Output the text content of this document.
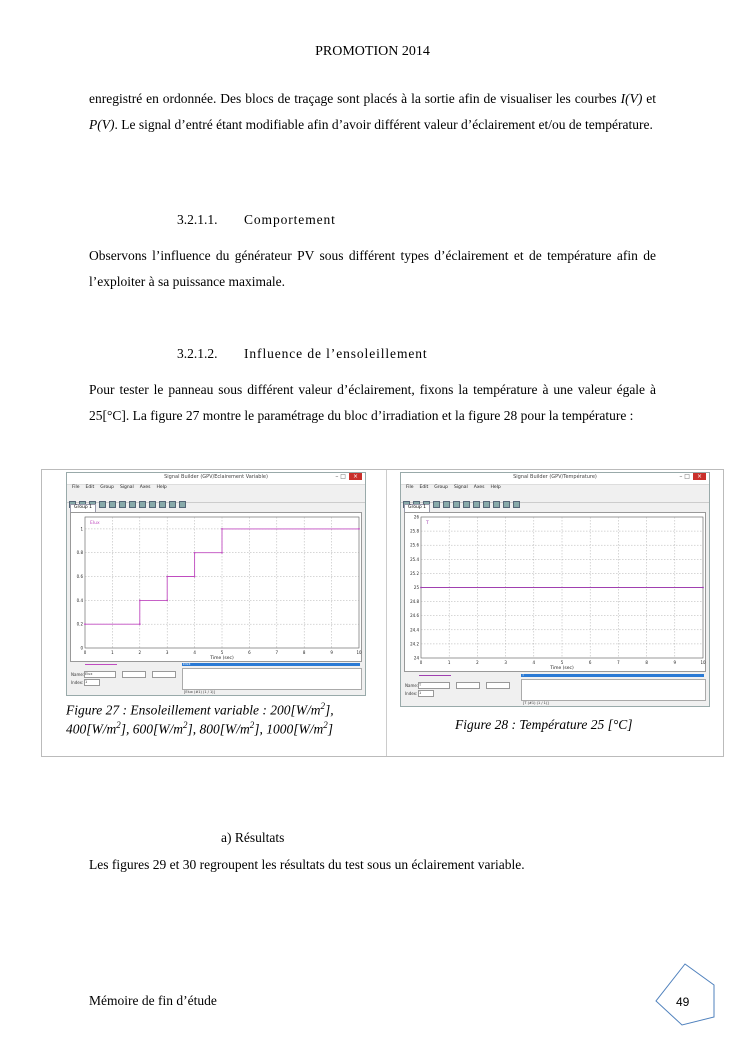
PROMOTION 2014
enregistré en ordonnée. Des blocs de traçage sont placés à la sortie afin de visualiser les courbes I(V) et P(V). Le signal d’entré étant modifiable afin d’avoir différent valeur d’éclairement et/ou de température.
3.2.1.1. Comportement
Observons l’influence du générateur PV sous différent types d’éclairement et de température afin de l’exploiter à sa puissance maximale.
3.2.1.2. Influence de l’ensoleillement
Pour tester le panneau sous différent valeur d’éclairement, fixons la température à une valeur égale à 25[°C]. La figure 27 montre le paramétrage du bloc d’irradiation et la figure 28 pour la température :
Signal Builder (GPV/Eclairement Variable)	– □ ×
File Edit Group Signal Axes Help
Group 1
0	1	2	3	4	5	6	7	8	9	10
0
0.2
0.4
0.6
0.8
1
Time (sec)
Elux
Elux
Name: Elux
Index: 1
[Elux (#1) (1 / 1)]
Signal Builder (GPV/Température)	– □ ×
File Edit Group Signal Axes Help
Group 1
0	1	2	3	4	5	6	7	8	9	10
24
24.2
24.4
24.6
24.8
25
25.2
25.4
25.6
25.8
26
Time (sec)
T
T
Name: T
Index: 1
[T (#1) (1 / 1)]
Figure 27 : Ensoleillement variable : $200[W/m^2]$,
$400[W/m^2]$, $600[W/m^2]$, $800[W/m^2]$, $1000[W/m^2]$	Figure 28 : Température 25 [°C]
a) Résultats
Les figures 29 et 30 regroupent les résultats du test sous un éclairement variable.
Mémoire de fin d’étude	49
